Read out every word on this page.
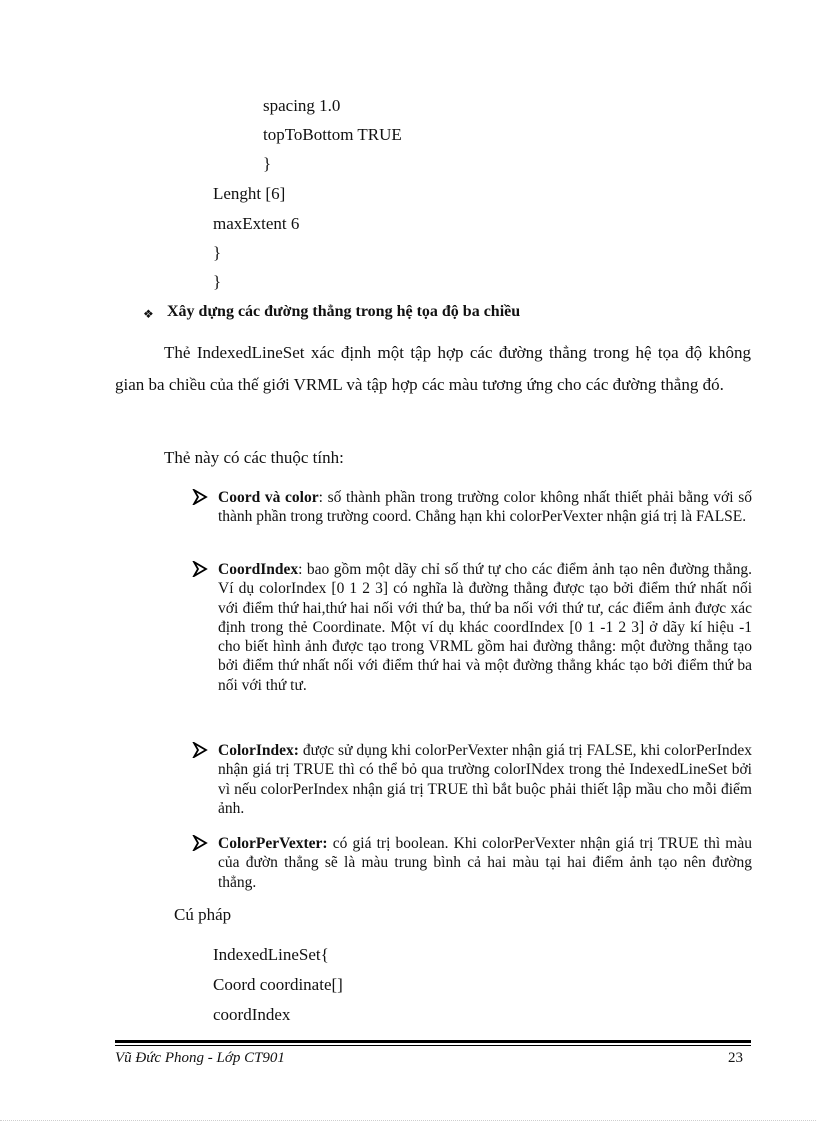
spacing 1.0
topToBottom TRUE
}
Lenght [6]
maxExtent 6
}
}
❖ Xây dựng các đường thẳng trong hệ tọa độ ba chiều
Thẻ IndexedLineSet xác định một tập hợp các đường thẳng trong hệ tọa độ không gian ba chiều của thế giới VRML và tập hợp các màu tương ứng cho các đường thẳng đó.
Thẻ này có các thuộc tính:
Coord và color: số thành phần trong trường color không nhất thiết phải bằng với số thành phần trong trường coord. Chẳng hạn khi colorPerVexter nhận giá trị là FALSE.
CoordIndex: bao gồm một dãy chỉ số thứ tự cho các điểm ảnh tạo nên đường thẳng. Ví dụ colorIndex [0 1 2 3] có nghĩa là đường thẳng được tạo bởi điểm thứ nhất nối với điểm thứ hai,thứ hai nối với thứ ba, thứ ba nối với thứ tư, các điểm ảnh được xác định trong thẻ Coordinate. Một ví dụ khác coordIndex [0 1 -1 2 3] ở dãy kí hiệu -1 cho biết hình ảnh được tạo trong VRML gồm hai đường thẳng: một đường thẳng tạo bởi điểm thứ nhất nối với điểm thứ hai và một đường thẳng khác tạo bởi điểm thứ ba nối với thứ tư.
ColorIndex: được sử dụng khi colorPerVexter nhận giá trị FALSE, khi colorPerIndex nhận giá trị TRUE thì có thể bỏ qua trường colorINdex trong thẻ IndexedLineSet bởi vì nếu colorPerIndex nhận giá trị TRUE thì bắt buộc phải thiết lập mầu cho mỗi điểm ảnh.
ColorPerVexter: có giá trị boolean. Khi colorPerVexter nhận giá trị TRUE thì màu của đườn thẳng sẽ là màu trung bình cả hai màu tại hai điểm ảnh tạo nên đường thẳng.
Cú pháp
IndexedLineSet{
Coord coordinate[]
coordIndex
Vũ Đức Phong - Lớp CT901	23
